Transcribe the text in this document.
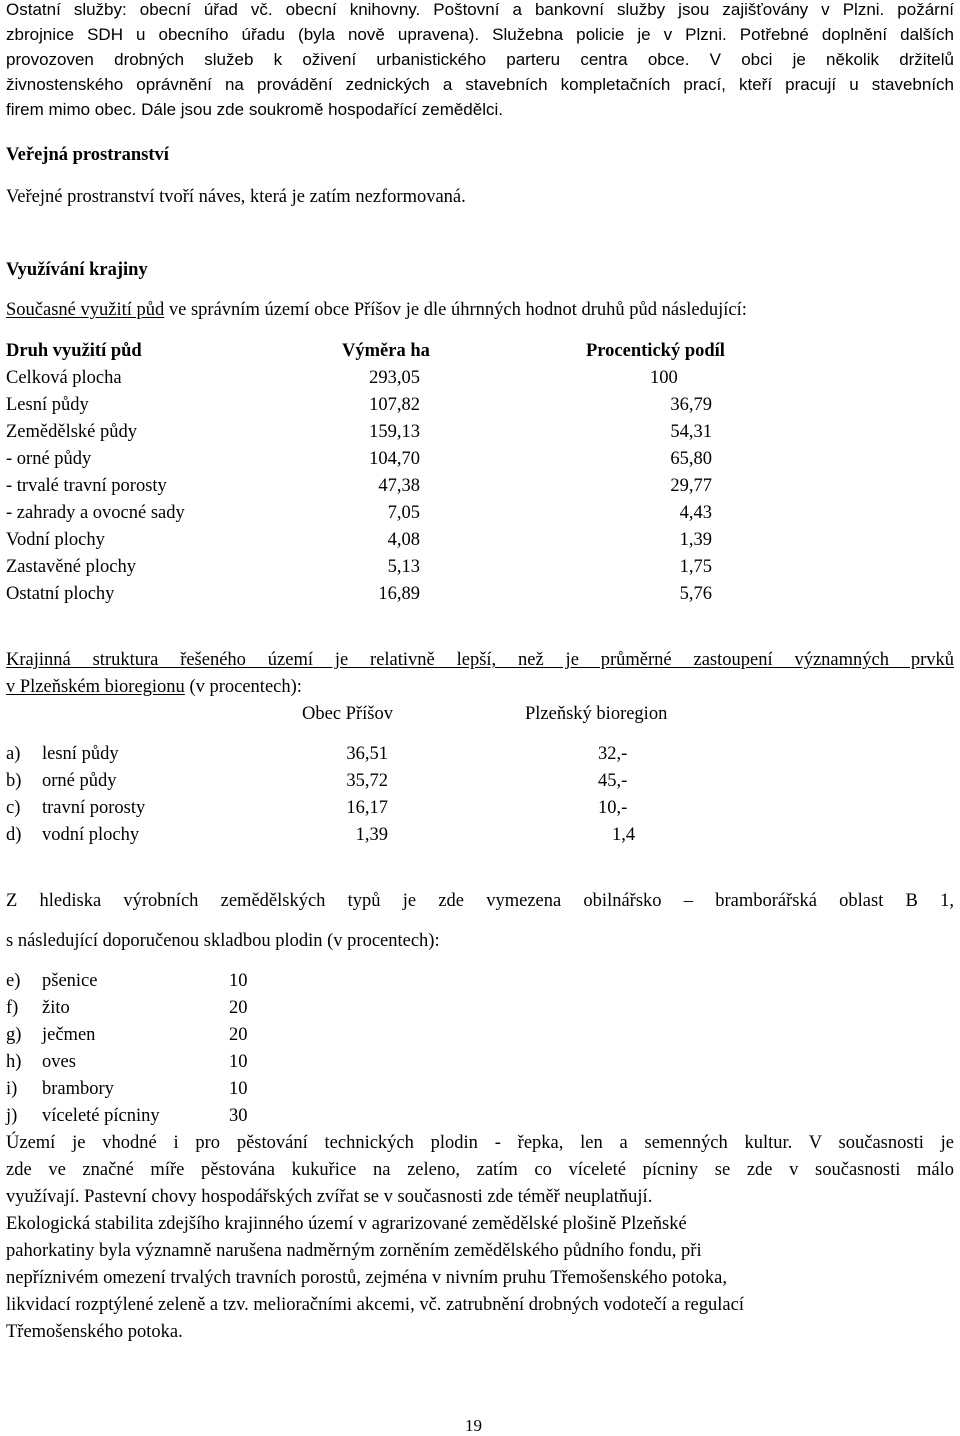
Ostatní služby: obecní úřad vč. obecní knihovny. Poštovní a bankovní služby jsou zajišťovány v Plzni. požární
zbrojnice SDH u obecního úřadu (byla nově upravena). Služebna policie je v Plzni. Potřebné doplnění dalších
provozoven drobných služeb k oživení urbanistického parteru centra obce. V obci je několik držitelů
živnostenského oprávnění na provádění zednických a stavebních kompletačních prací, kteří pracují u stavebních
firem mimo obec. Dále jsou zde soukromě hospodařící zemědělci.
Veřejná prostranství
Veřejné prostranství tvoří náves, která je zatím nezformovaná.
Využívání krajiny
Současné využití půd ve správním území obce Příšov je dle úhrnných hodnot druhů půd následující:
Druh využití půd	Výměra ha	Procentický podíl
Celková plocha	293,05	100
Lesní půdy	107,82	36,79
Zemědělské půdy	159,13	54,31
- orné půdy	104,70	65,80
- trvalé travní porosty	47,38	29,77
- zahrady a ovocné sady	7,05	4,43
Vodní plochy	4,08	1,39
Zastavěné plochy	5,13	1,75
Ostatní plochy	16,89	5,76
Krajinná struktura řešeného území je relativně lepší, než je průměrné zastoupení významných prvků
v Plzeňském bioregionu (v procentech):
Obec Příšov	Plzeňský bioregion
a) lesní půdy	36,51	32,-
b) orné půdy	35,72	45,-
c) travní porosty	16,17	10,-
d) vodní plochy	1,39	1,4
Z hlediska výrobních zemědělských typů je zde vymezena obilnářsko – bramborářská oblast B 1,
s následující doporučenou skladbou plodin (v procentech):
e) pšenice	10
f) žito	20
g) ječmen	20
h) oves	10
i) brambory	10
j) víceleté pícniny	30
Území je vhodné i pro pěstování technických plodin - řepka, len a semenných kultur. V současnosti je
zde ve značné míře pěstována kukuřice na zeleno, zatím co víceleté pícniny se zde v současnosti málo
využívají. Pastevní chovy hospodářských zvířat se v současnosti zde téměř neuplatňují.
Ekologická stabilita zdejšího krajinného území v agrarizované zemědělské plošině Plzeňské
pahorkatiny byla významně narušena nadměrným zorněním zemědělského půdního fondu, při
nepříznivém omezení trvalých travních porostů, zejména v nivním pruhu Třemošenského potoka,
likvidací rozptýlené zeleně a tzv. melioračními akcemi, vč. zatrubnění drobných vodotečí a regulací
Třemošenského potoka.
19
